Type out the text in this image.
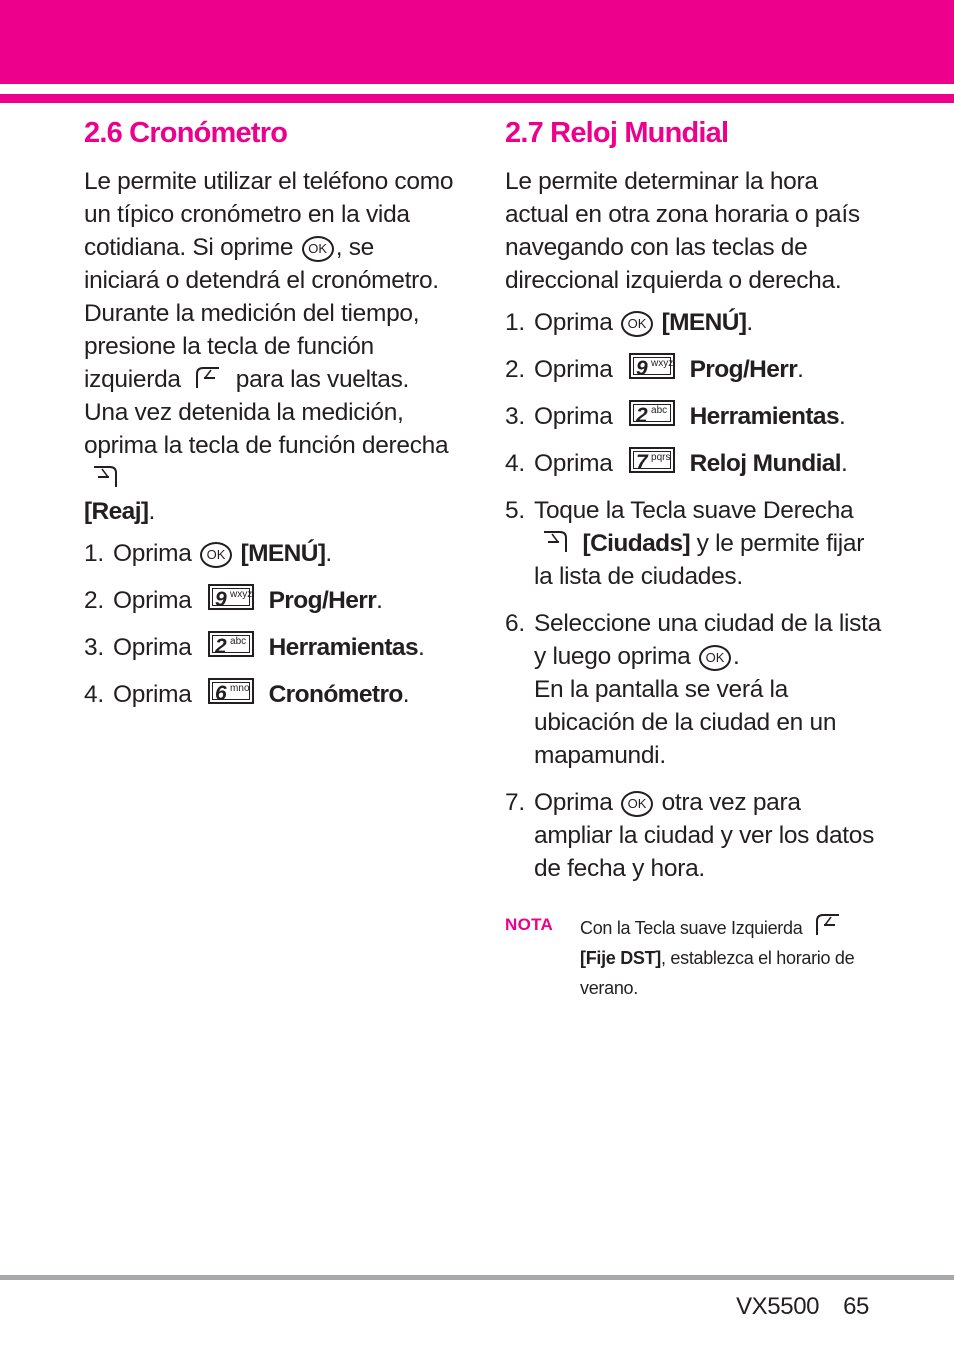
2.6 Cronómetro

Le permite utilizar el teléfono como un típico cronómetro en la vida cotidiana. Si oprime OK , se iniciará o detendrá el cronómetro. Durante la medición del tiempo, presione la tecla de función izquierda para las vueltas. Una vez detenida la medición, oprima la tecla de función derecha

[Reaj].

1. Oprima OK [MENÚ].
2. Oprima 9 wxyz Prog/Herr.
3. Oprima 2 abc Herramientas.
4. Oprima 6 mno Cronómetro.
2.7 Reloj Mundial

Le permite determinar la hora actual en otra zona horaria o país navegando con las teclas de direccional izquierda o derecha.

1. Oprima OK [MENÚ].
2. Oprima 9 wxyz Prog/Herr.
3. Oprima 2 abc Herramientas.
4. Oprima 7 pqrs Reloj Mundial.
5. Toque la Tecla suave Derecha

[Ciudads] y le permite fijar la lista de ciudades.
6. Seleccione una ciudad de la lista y luego oprima OK .
En la pantalla se verá la ubicación de la ciudad en un mapamundi.
7. Oprima OK otra vez para ampliar la ciudad y ver los datos de fecha y hora.
NOTA Con la Tecla suave Izquierda

[Fije DST], establezca el horario de verano.
VX5500 65
